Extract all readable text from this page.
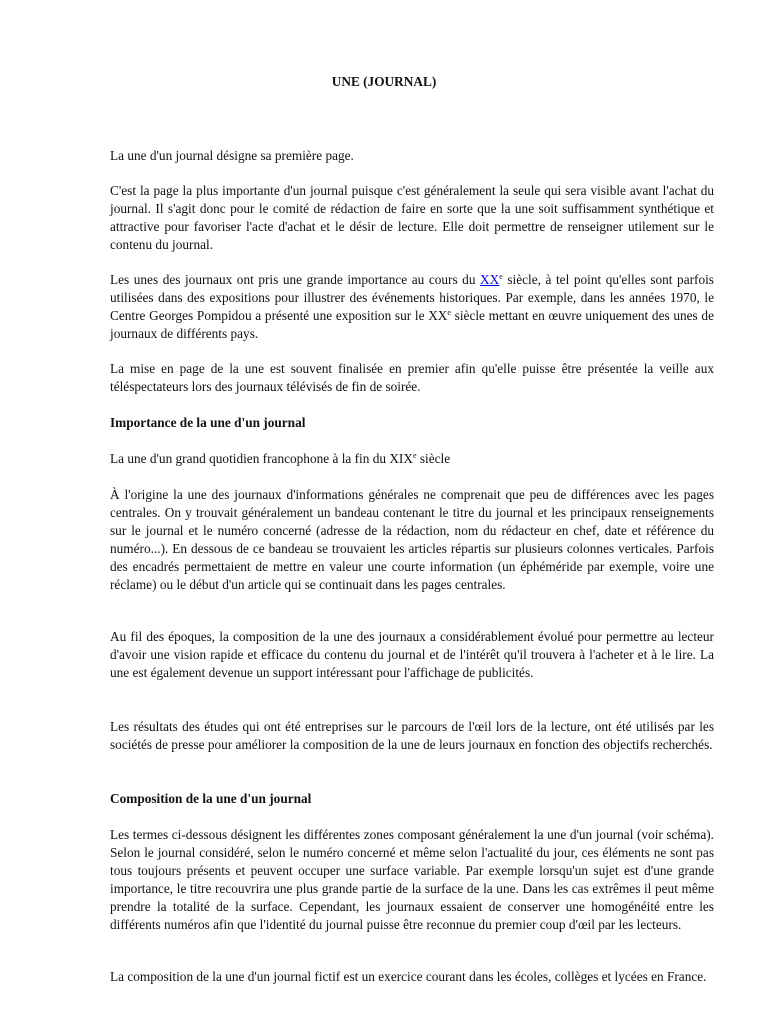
UNE (JOURNAL)

La une d'un journal désigne sa première page.

C'est la page la plus importante d'un journal puisque c'est généralement la seule qui sera visible avant l'achat du journal. Il s'agit donc pour le comité de rédaction de faire en sorte que la une soit suffisamment synthétique et attractive pour favoriser l'acte d'achat et le désir de lecture. Elle doit permettre de renseigner utilement sur le contenu du journal.

Les unes des journaux ont pris une grande importance au cours du XXe siècle, à tel point qu'elles sont parfois utilisées dans des expositions pour illustrer des événements historiques. Par exemple, dans les années 1970, le Centre Georges Pompidou a présenté une exposition sur le XXe siècle mettant en œuvre uniquement des unes de journaux de différents pays.

La mise en page de la une est souvent finalisée en premier afin qu'elle puisse être présentée la veille aux téléspectateurs lors des journaux télévisés de fin de soirée.

Importance de la une d'un journal

La une d'un grand quotidien francophone à la fin du XIXe siècle

À l'origine la une des journaux d'informations générales ne comprenait que peu de différences avec les pages centrales. On y trouvait généralement un bandeau contenant le titre du journal et les principaux renseignements sur le journal et le numéro concerné (adresse de la rédaction, nom du rédacteur en chef, date et référence du numéro...). En dessous de ce bandeau se trouvaient les articles répartis sur plusieurs colonnes verticales. Parfois des encadrés permettaient de mettre en valeur une courte information (un éphéméride par exemple, voire une réclame) ou le début d'un article qui se continuait dans les pages centrales.

Au fil des époques, la composition de la une des journaux a considérablement évolué pour permettre au lecteur d'avoir une vision rapide et efficace du contenu du journal et de l'intérêt qu'il trouvera à l'acheter et à le lire. La une est également devenue un support intéressant pour l'affichage de publicités.

Les résultats des études qui ont été entreprises sur le parcours de l'œil lors de la lecture, ont été utilisés par les sociétés de presse pour améliorer la composition de la une de leurs journaux en fonction des objectifs recherchés.

Composition de la une d'un journal

Les termes ci-dessous désignent les différentes zones composant généralement la une d'un journal (voir schéma). Selon le journal considéré, selon le numéro concerné et même selon l'actualité du jour, ces éléments ne sont pas tous toujours présents et peuvent occuper une surface variable. Par exemple lorsqu'un sujet est d'une grande importance, le titre recouvrira une plus grande partie de la surface de la une. Dans les cas extrêmes il peut même prendre la totalité de la surface. Cependant, les journaux essaient de conserver une homogénéité entre les différents numéros afin que l'identité du journal puisse être reconnue du premier coup d'œil par les lecteurs.

La composition de la une d'un journal fictif est un exercice courant dans les écoles, collèges et lycées en France.
